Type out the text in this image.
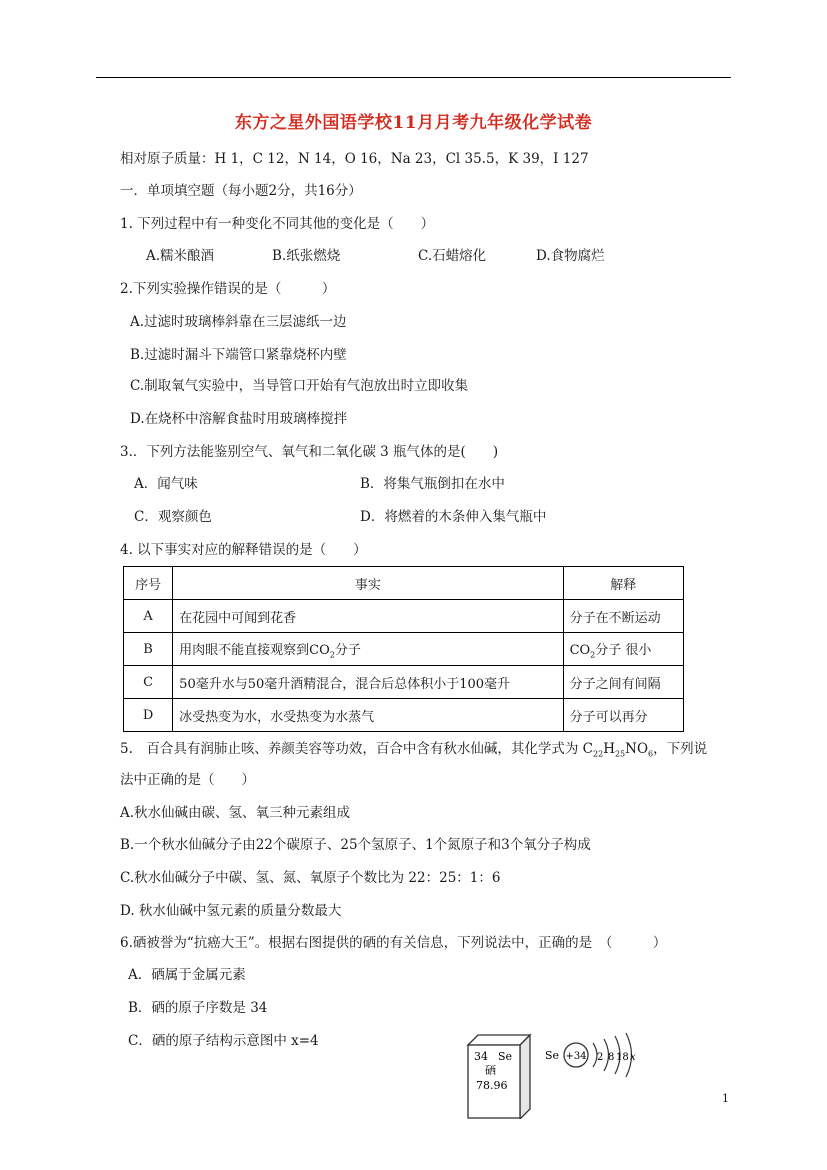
东方之星外国语学校11月月考九年级化学试卷
相对原子质量：H 1，C 12，N 14，O 16，Na 23，Cl 35.5，K 39，I 127
一．单项填空题（每小题2分，共16分）
1. 下列过程中有一种变化不同其他的变化是（　　）
A.糯米酿酒	B.纸张燃烧	C.石蜡熔化	D.食物腐烂
2.下列实验操作错误的是（　　　）
A.过滤时玻璃棒斜靠在三层滤纸一边
B.过滤时漏斗下端管口紧靠烧杯内壁
C.制取氧气实验中，当导管口开始有气泡放出时立即收集
D.在烧杯中溶解食盐时用玻璃棒搅拌
3.．下列方法能鉴别空气、氧气和二氧化碳 3 瓶气体的是(　　)
A．闻气味	B．将集气瓶倒扣在水中
C．观察颜色	D．将燃着的木条伸入集气瓶中
4. 以下事实对应的解释错误的是（　　）
序号	事实	解释
A	在花园中可闻到花香	分子在不断运动
B	用肉眼不能直接观察到$CO_2$分子	$CO_2$分子 很小
C	50毫升水与50毫升酒精混合，混合后总体积小于100毫升	分子之间有间隔
D	冰受热变为水，水受热变为水蒸气	分子可以再分
5.　百合具有润肺止咳、养颜美容等功效，百合中含有秋水仙碱，其化学式为 $C_{22}H_{25}NO_6$，下列说
法中正确的是（　　）
A.秋水仙碱由碳、氢、氧三种元素组成
B.一个秋水仙碱分子由22个碳原子、25个氢原子、1个氮原子和3个氧分子构成
C.秋水仙碱分子中碳、氢、氮、氧原子个数比为 22：25：1：6
D. 秋水仙碱中氢元素的质量分数最大
6.硒被誉为“抗癌大王”。根据右图提供的硒的有关信息，下列说法中，正确的是　（　　　）
A．硒属于金属元素
B．硒的原子序数是 34
C．硒的原子结构示意图中 x=4
34 Se
硒
78.96
Se +34 2 8 18 x
1
